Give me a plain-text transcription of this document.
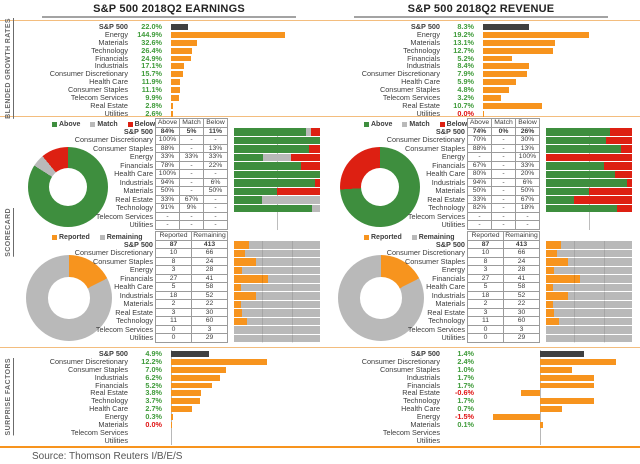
S&P 500 2018Q2 EARNINGS	S&P 500 2018Q2 REVENUE
BLENDED GROWTH RATES	S&P 500	22.0%
Energy	144.9%
Materials	32.6%
Technology	26.4%
Financials	24.9%
Industrials	17.1%
Consumer Discretionary	15.7%
Health Care	11.9%
Consumer Staples	11.1%
Telecom Services	9.9%
Real Estate	2.8%
Utilities	2.6%
S&P 500	8.3%
Energy	19.2%
Materials	13.1%
Technology	12.7%
Financials	5.2%
Industrials	8.4%
Consumer Discretionary	7.9%
Health Care	5.9%
Consumer Staples	4.8%
Telecom Services	3.2%
Real Estate	10.7%
Utilities	0.0%
SCORECARD
Above Match Below Above Match Below
S&P 500	84%	5%	11%
Consumer Discretionary 100%	-	-
Consumer Staples	88%	-	13%
Energy	33%	33%	33%
Financials	78%	-	22%
Health Care 100%	-	-
Industrials	94%	-	6%
Materials	50%	-	50%
Real Estate	33%	67%	-
Technology	91%	9%	-
Telecom Services	-	-	-
Utilities	-	-	-
Reported Remaining	Reported Remaining
S&P 500	87	413
Consumer Discretionary	10	66
Consumer Staples	8	24
Energy	3	28
Financials	27	41
Health Care	5	58
Industrials	18	52
Materials	2	22
Real Estate	3	30
Technology	11	60
Telecom Services	0	3
Utilities	0	29
Above Match Below Above Match Below
S&P 500	74%	0%	26%
Consumer Discretionary	70%	-	30%
Consumer Staples	88%	-	13%
Energy	-	-	100%
Financials	67%	-	33%
Health Care	80%	-	20%
Industrials	94%	-	6%
Materials	50%	-	50%
Real Estate	33%	-	67%
Technology	82%	-	18%
Telecom Services	-	-	-
Utilities	-	-	-
Reported Remaining	Reported Remaining
S&P 500	87	413
Consumer Discretionary	10	66
Consumer Staples	8	24
Energy	3	28
Financials	27	41
Health Care	5	58
Industrials	18	52
Materials	2	22
Real Estate	3	30
Technology	11	60
Telecom Services	0	3
Utilities	0	29
SURPRISE FACTORS
S&P 500	4.9%
Consumer Discretionary	12.2%
Consumer Staples	7.0%
Industrials	6.2%
Financials	5.2%
Real Estate	3.8%
Technology	3.7%
Health Care	2.7%
Energy	0.3%
Materials	0.0%
Telecom Services
Utilities
S&P 500	1.4%
Consumer Discretionary	2.4%
Consumer Staples	1.0%
Industrials	1.7%
Financials	1.7%
Real Estate	-0.6%
Technology	1.7%
Health Care	0.7%
Energy	-1.5%
Materials	0.1%
Telecom Services
Utilities
Source: Thomson Reuters I/B/E/S
